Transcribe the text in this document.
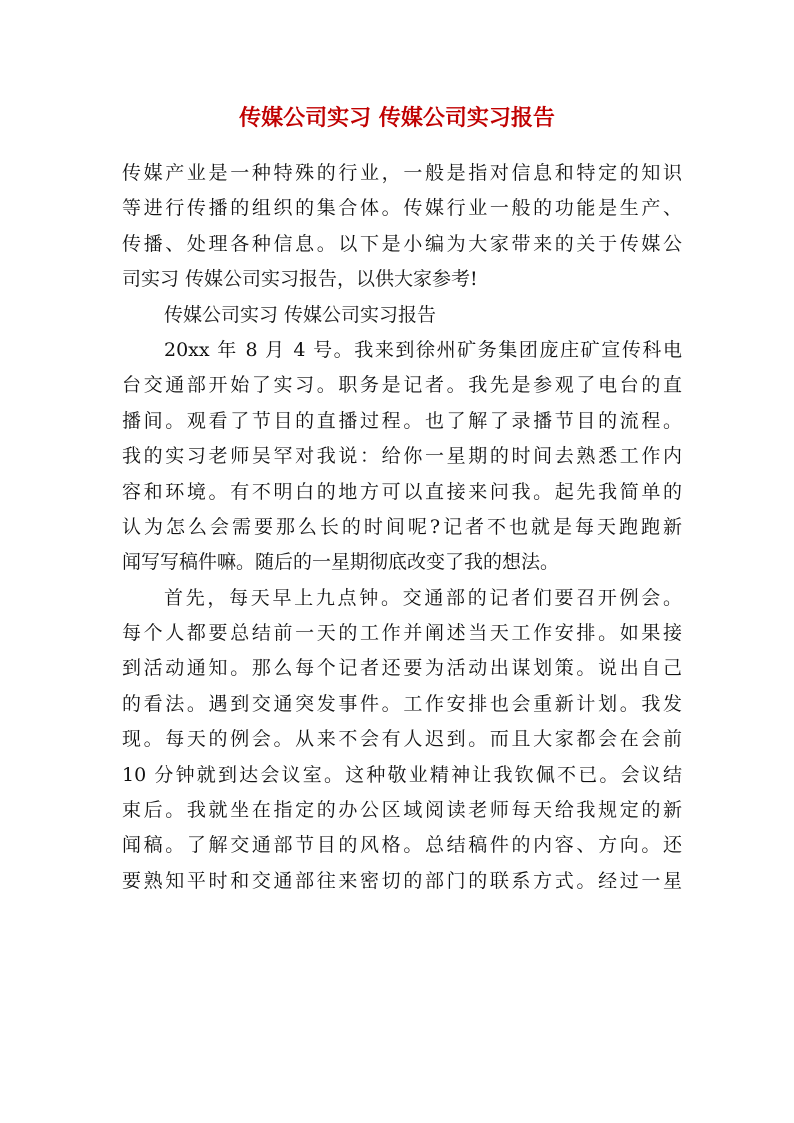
传媒公司实习 传媒公司实习报告
传媒产业是一种特殊的行业，一般是指对信息和特定的知识
等进行传播的组织的集合体。传媒行业一般的功能是生产、
传播、处理各种信息。以下是小编为大家带来的关于传媒公
司实习 传媒公司实习报告，以供大家参考!
传媒公司实习 传媒公司实习报告
20xx 年 8 月 4 号。我来到徐州矿务集团庞庄矿宣传科电
台交通部开始了实习。职务是记者。我先是参观了电台的直
播间。观看了节目的直播过程。也了解了录播节目的流程。
我的实习老师吴罕对我说：给你一星期的时间去熟悉工作内
容和环境。有不明白的地方可以直接来问我。起先我简单的
认为怎么会需要那么长的时间呢?记者不也就是每天跑跑新
闻写写稿件嘛。随后的一星期彻底改变了我的想法。
首先，每天早上九点钟。交通部的记者们要召开例会。
每个人都要总结前一天的工作并阐述当天工作安排。如果接
到活动通知。那么每个记者还要为活动出谋划策。说出自己
的看法。遇到交通突发事件。工作安排也会重新计划。我发
现。每天的例会。从来不会有人迟到。而且大家都会在会前
10 分钟就到达会议室。这种敬业精神让我钦佩不已。会议结
束后。我就坐在指定的办公区域阅读老师每天给我规定的新
闻稿。了解交通部节目的风格。总结稿件的内容、方向。还
要熟知平时和交通部往来密切的部门的联系方式。经过一星
